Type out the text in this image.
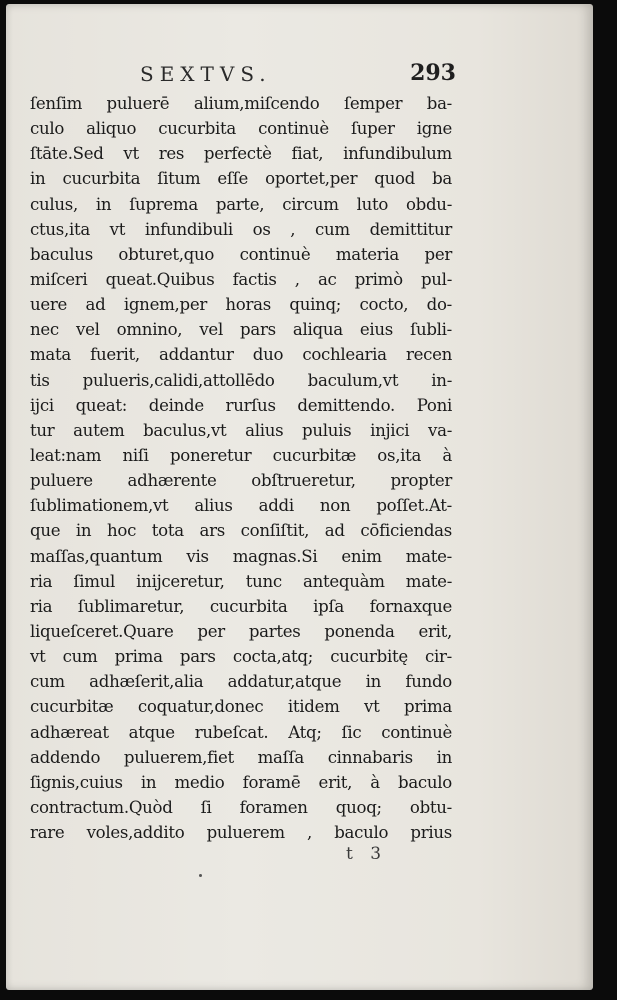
SEXTVS.	293
ſenſim puluerē alium,miſcendo ſemper ba-
culo aliquo cucurbita continuè ſuper igne
ſtāte.Sed vt res perfectè fiat, infundibulum
in cucurbita ſitum eſſe oportet,per quod ba
culus, in ſuprema parte, circum luto obdu-
ctus,ita vt infundibuli os , cum demittitur
baculus obturet,quo continuè materia per
miſceri queat.Quibus factis , ac primò pul-
uere ad ignem,per horas quinq; cocto, do-
nec vel omnino, vel pars aliqua eius ſubli-
mata fuerit, addantur duo cochlearia recen
tis pulueris,calidi,attollēdo baculum,vt in-
ijci queat: deinde rurſus demittendo. Poni
tur autem baculus,vt alius puluis injici va-
leat:nam niſi poneretur cucurbitæ os,ita à
puluere adhærente obſtrueretur, propter
ſublimationem,vt alius addi non poſſet.At-
que in hoc tota ars conſiſtit, ad cōficiendas
maſſas,quantum vis magnas.Si enim mate-
ria ſimul inijceretur, tunc antequàm mate-
ria ſublimaretur, cucurbita ipſa fornaxque
liqueſceret.Quare per partes ponenda erit,
vt cum prima pars cocta,atq; cucurbitę cir-
cum adhæſerit,alia addatur,atque in fundo
cucurbitæ coquatur,donec itidem vt prima
adhæreat atque rubeſcat. Atq; ſic continuè
addendo puluerem,fiet maſſa cinnabaris in
ſignis,cuius in medio foramē erit, à baculo
contractum.Quòd ſi foramen quoq; obtu-
rare voles,addito puluerem , baculo prius
t 3
